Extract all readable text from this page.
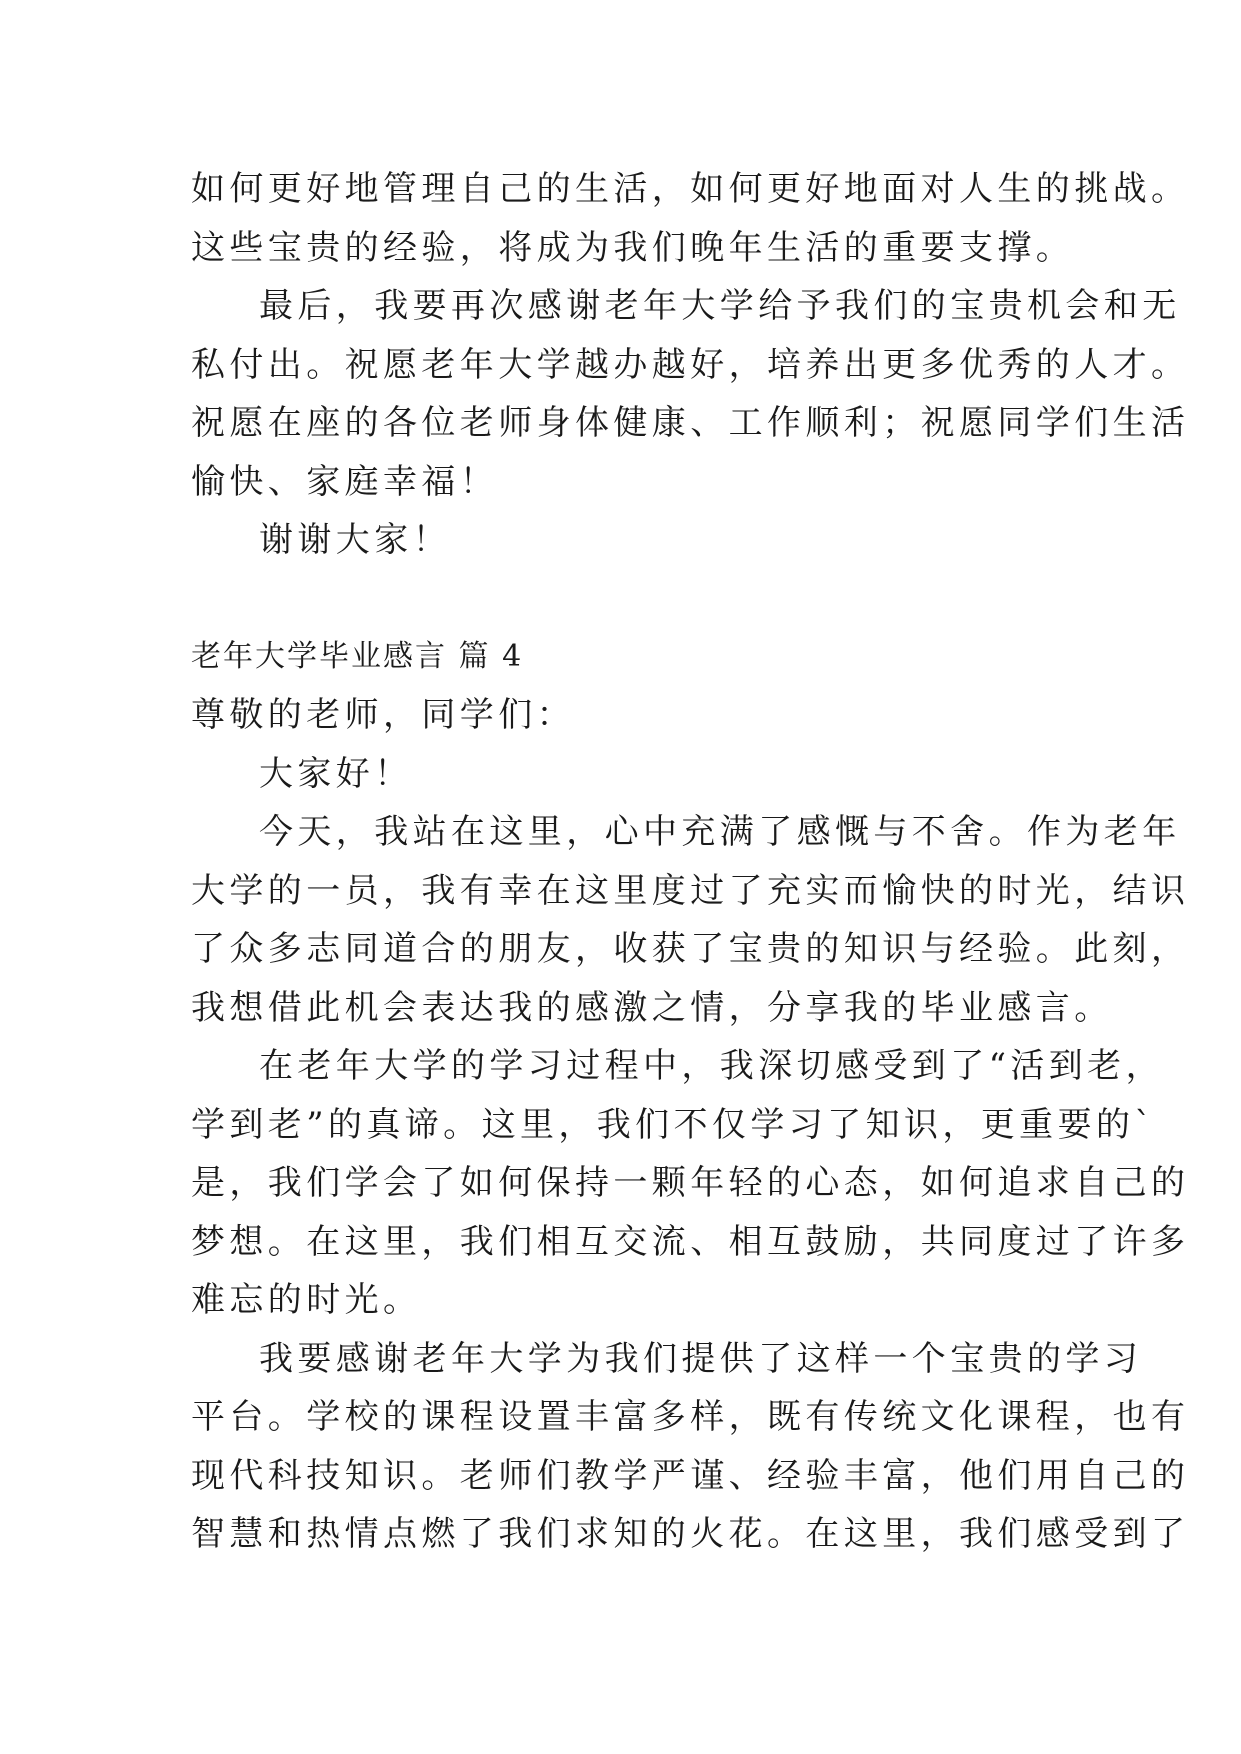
如何更好地管理自己的生活，如何更好地面对人生的挑战。
这些宝贵的经验，将成为我们晚年生活的重要支撑。
最后，我要再次感谢老年大学给予我们的宝贵机会和无
私付出。祝愿老年大学越办越好，培养出更多优秀的人才。
祝愿在座的各位老师身体健康、工作顺利；祝愿同学们生活
愉快、家庭幸福！
谢谢大家！
老年大学毕业感言 篇 4
尊敬的老师，同学们：
大家好！
今天，我站在这里，心中充满了感慨与不舍。作为老年
大学的一员，我有幸在这里度过了充实而愉快的时光，结识
了众多志同道合的朋友，收获了宝贵的知识与经验。此刻，
我想借此机会表达我的感激之情，分享我的毕业感言。
在老年大学的学习过程中，我深切感受到了“活到老，
学到老”的真谛。这里，我们不仅学习了知识，更重要的`
是，我们学会了如何保持一颗年轻的心态，如何追求自己的
梦想。在这里，我们相互交流、相互鼓励，共同度过了许多
难忘的时光。
我要感谢老年大学为我们提供了这样一个宝贵的学习
平台。学校的课程设置丰富多样，既有传统文化课程，也有
现代科技知识。老师们教学严谨、经验丰富，他们用自己的
智慧和热情点燃了我们求知的火花。在这里，我们感受到了
